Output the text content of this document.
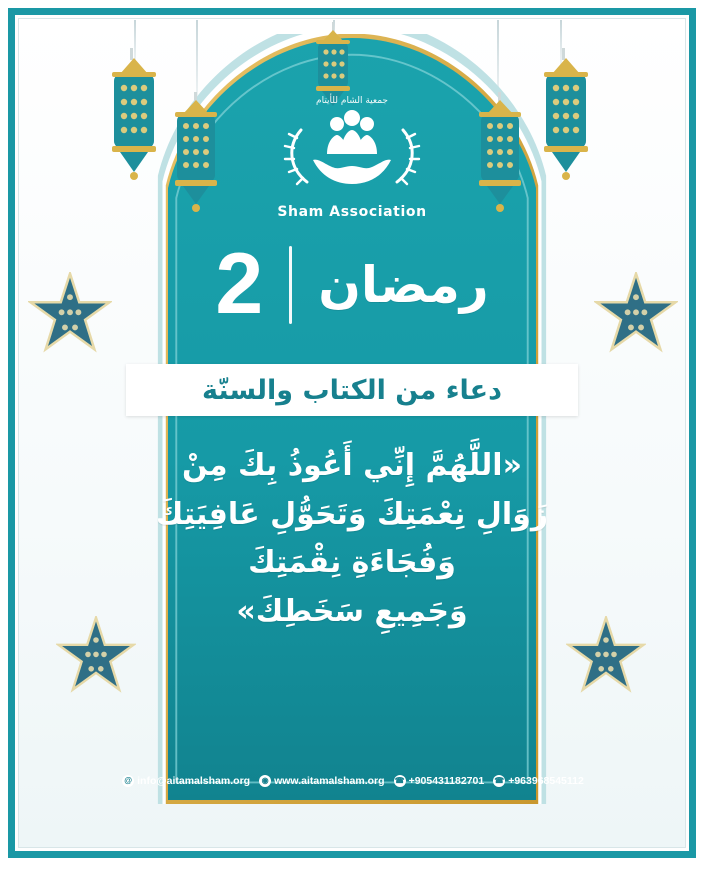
جمعية الشام للأيتام
Sham Association
رمضان
2
دعاء من الكتاب والسنّة
«اللَّهُمَّ إِنِّي أَعُوذُ بِكَ مِنْ
زَوَالِ نِعْمَتِكَ وَتَحَوُّلِ عَافِيَتِكَ
وَفُجَاءَةِ نِقْمَتِكَ
وَجَمِيعِ سَخَطِكَ»
@ info@aitamalsham.org	◉ www.aitamalsham.org ☎ +905431182701 ☎ +963968545112
